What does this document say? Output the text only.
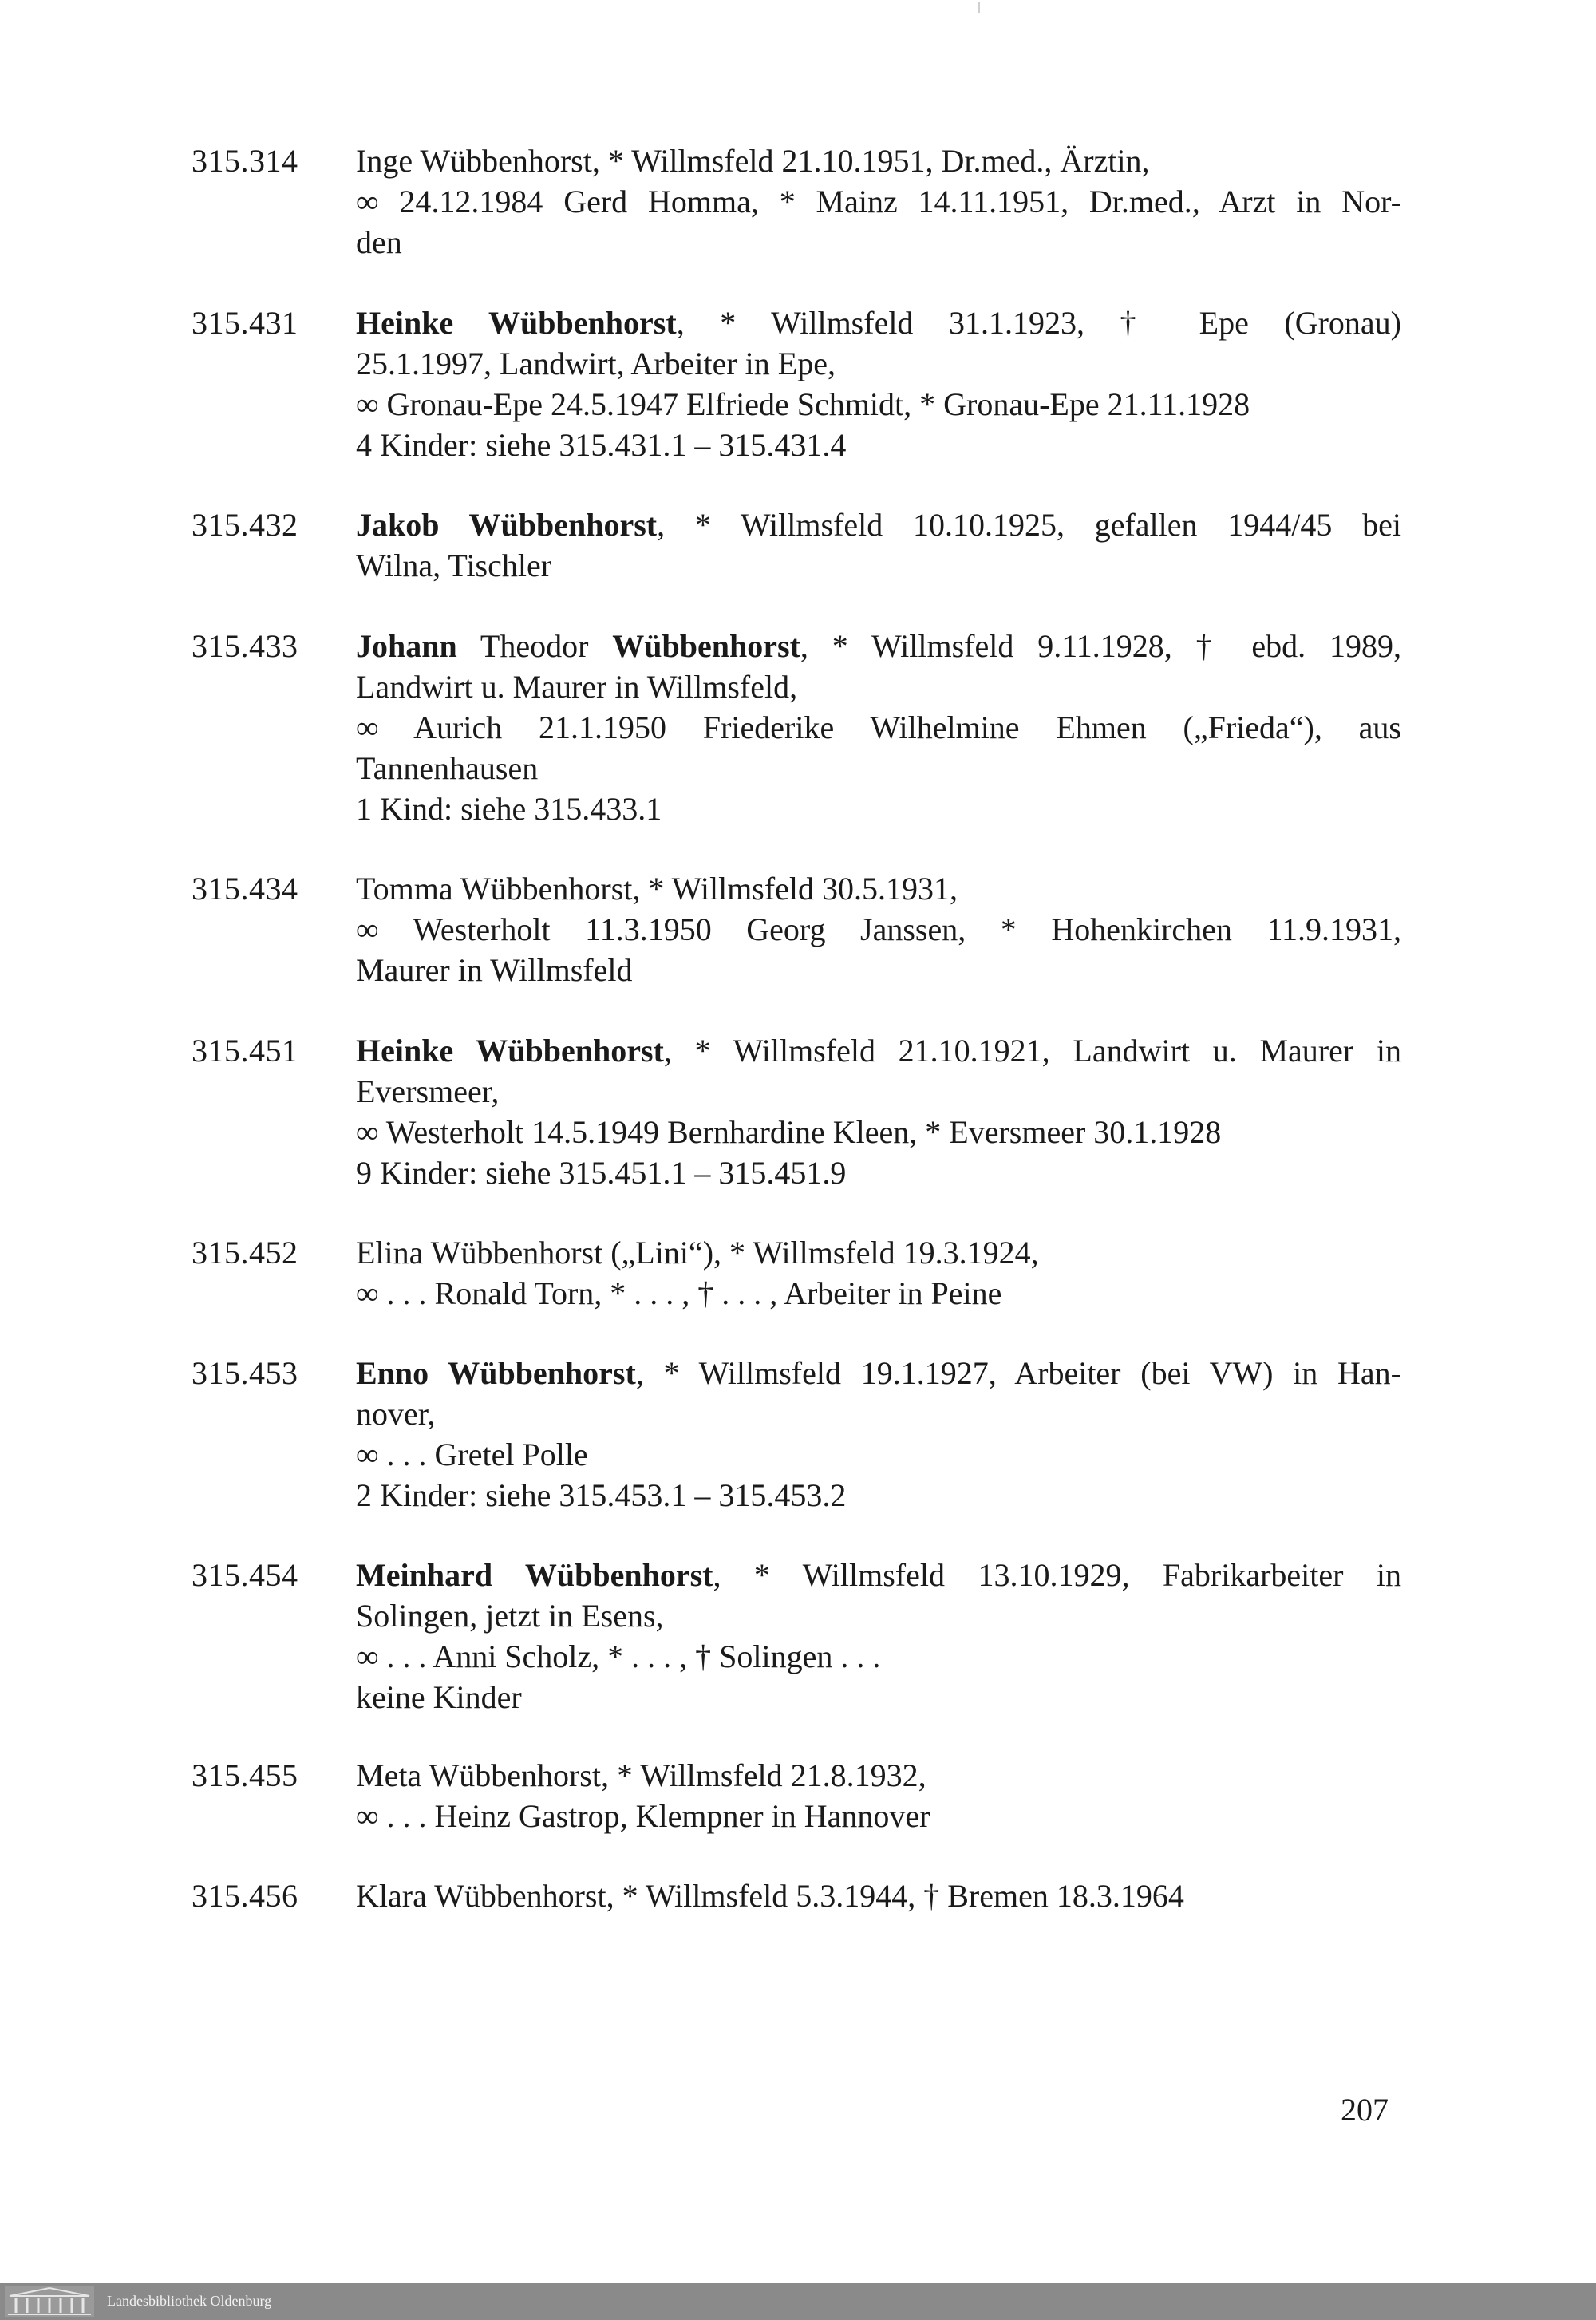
315.314 Inge Wübbenhorst, * Willmsfeld 21.10.1951, Dr.med., Ärztin,
∞ 24.12.1984 Gerd Homma, * Mainz 14.11.1951, Dr.med., Arzt in Nor-
den
315.431 Heinke Wübbenhorst, * Willmsfeld 31.1.1923, † Epe (Gronau)
25.1.1997, Landwirt, Arbeiter in Epe,
∞ Gronau-Epe 24.5.1947 Elfriede Schmidt, * Gronau-Epe 21.11.1928
4 Kinder: siehe 315.431.1 – 315.431.4
315.432 Jakob Wübbenhorst, * Willmsfeld 10.10.1925, gefallen 1944/45 bei
Wilna, Tischler
315.433 Johann Theodor Wübbenhorst, * Willmsfeld 9.11.1928, † ebd. 1989,
Landwirt u. Maurer in Willmsfeld,
∞ Aurich 21.1.1950 Friederike Wilhelmine Ehmen („Frieda“), aus
Tannenhausen
1 Kind: siehe 315.433.1
315.434 Tomma Wübbenhorst, * Willmsfeld 30.5.1931,
∞ Westerholt 11.3.1950 Georg Janssen, * Hohenkirchen 11.9.1931,
Maurer in Willmsfeld
315.451 Heinke Wübbenhorst, * Willmsfeld 21.10.1921, Landwirt u. Maurer in
Eversmeer,
∞ Westerholt 14.5.1949 Bernhardine Kleen, * Eversmeer 30.1.1928
9 Kinder: siehe 315.451.1 – 315.451.9
315.452 Elina Wübbenhorst („Lini“), * Willmsfeld 19.3.1924,
∞ . . . Ronald Torn, * . . . , † . . . , Arbeiter in Peine
315.453 Enno Wübbenhorst, * Willmsfeld 19.1.1927, Arbeiter (bei VW) in Han-
nover,
∞ . . . Gretel Polle
2 Kinder: siehe 315.453.1 – 315.453.2
315.454 Meinhard Wübbenhorst, * Willmsfeld 13.10.1929, Fabrikarbeiter in
Solingen, jetzt in Esens,
∞ . . . Anni Scholz, * . . . , † Solingen . . .
keine Kinder
315.455 Meta Wübbenhorst, * Willmsfeld 21.8.1932,
∞ . . . Heinz Gastrop, Klempner in Hannover
315.456 Klara Wübbenhorst, * Willmsfeld 5.3.1944, † Bremen 18.3.1964
207
Landesbibliothek Oldenburg
